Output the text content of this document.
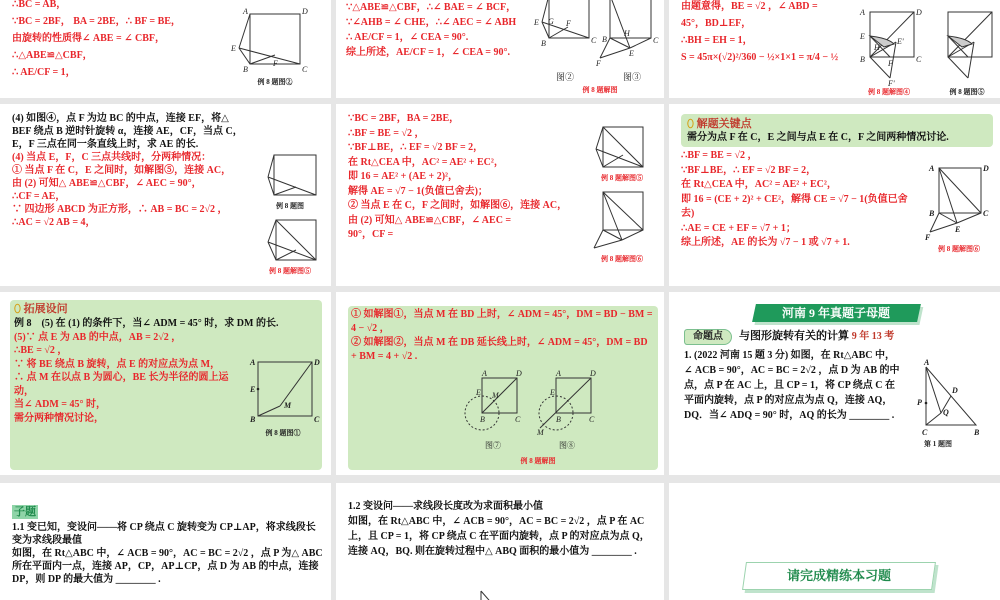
∴BC = AB，
∵BC = 2BF， BA = 2BE，∴ BF = BE，
由旋转的性质得∠ ABE = ∠ CBF，
∴△ABE≌△CBF，
∴ AE/CF = 1，
A	D
E
F
B	C
例 8 题图②
∵△ABE≌△CBF，∴∠ BAE = ∠ BCF，
∵∠AHB = ∠ CHE，∴∠ AEC = ∠ ABH
∴ AE/CF = 1，∠ CEA = 90°.
综上所述，AE/CF = 1，∠ CEA = 90°.
E G F
B	C
H
B	C
E
F
图②	图③
例 8 题解图
由题意得，BE = √2 ，∠ ABD =
45°，BD⊥EF，
∴BH = EH = 1，
S = 45π×(√2)²/360 − ½×1×1 = π/4 − ½
A	D
E
H
E'
B	F	C
F'
例 8 题解图④	例 8 题图⑤
例 8 题图
例 8 题解图⑤
(4) 如图④，点 F 为边 BC 的中点，连接 EF，将△ BEF 绕点 B 逆时针旋转 α，连接 AE，CF，当点 C，E，F 三点在同一条直线上时，求 AE 的长.
(4) 当点 E，F，C 三点共线时，分两种情况：
① 当点 F 在 C，E 之间时，如解图⑤，连接 AC，
由 (2) 可知△ ABE≌△CBF，∠ AEC = 90°，
∴CF = AE，
∵ 四边形 ABCD 为正方形，∴ AB = BC = 2√2 ，
∴AC = √2 AB = 4，
例 8 题解图⑤
例 8 题解图⑥
∵BC = 2BF，BA = 2BE，
∴BF = BE = √2 ，
∵BF⊥BE，∴ EF = √2 BF = 2，
在 Rt△CEA 中，AC² = AE² + EC²，
即 16 = AE² + (AE + 2)²，
解得 AE = √7 − 1(负值已舍去)；
② 当点 E 在 C，F 之间时，如解图⑥，连接 AC，
由 (2) 可知△ ABE≌△CBF，∠ AEC =
90°，CF =
⬯ 解题关键点
需分为点 F 在 C，E 之间与点 E 在 C，F 之间两种情况讨论.
A	D
B	C
E
F
例 8 题解图⑥
∴BF = BE = √2 ，
∵BF⊥BE，∴ EF = √2 BF = 2，
在 Rt△CEA 中，AC² = AE² + EC²，
即 16 = (CE + 2)² + CE²，解得 CE = √7 − 1(负值已舍去)
∴AE = CE + EF = √7 + 1；
综上所述，AE 的长为 √7 − 1 或 √7 + 1.
⬯ 拓展设问
例 8　(5) 在 (1) 的条件下，当∠ ADM = 45° 时，求 DM 的长.
A	D
E
M
B	C
例 8 题图①
(5)∵ 点 E 为 AB 的中点，AB = 2√2 ，
∴BE = √2 ，
∵ 将 BE 绕点 B 旋转，点 E 的对应点为点 M，
∴ 点 M 在以点 B 为圆心，BE 长为半径的圆上运动，
当∠ ADM = 45° 时，
需分两种情况讨论，
① 如解图①，当点 M 在 BD 上时，∠ ADM = 45°，DM = BD − BM = 4 − √2 ，
② 如解图②，当点 M 在 DB 延长线上时，∠ ADM = 45°，DM = BD + BM = 4 + √2 .
A	D
E M
B	C
A	D
E
B	C
M
图⑦	图⑧
例 8 题解图
河南 9 年真题子母题
命题点	与图形旋转有关的计算 9 年 13 考
A
D
P
Q
C	B
第 1 题图
1. (2022 河南 15 题 3 分) 如图，在 Rt△ABC 中，∠ ACB = 90°，AC = BC = 2√2 ，点 D 为 AB 的中点，点 P 在 AC 上，且 CP = 1，将 CP 绕点 C 在平面内旋转，点 P 的对应点为点 Q，连接 AQ，DQ．当∠ ADQ = 90° 时，AQ 的长为 ________ .
子题
1.1 变已知，变设问——将 CP 绕点 C 旋转变为 CP⊥AP，将求线段长变为求线段最值
如图，在 Rt△ABC 中，∠ ACB = 90°，AC = BC = 2√2 ，点 P 为△ ABC 所在平面内一点，连接 AP，CP，AP⊥CP，点 D 为 AB 的中点，连接 DP，则 DP 的最大值为 ________ .
1.2 变设问——求线段长度改为求面积最小值
如图，在 Rt△ABC 中，∠ ACB = 90°，AC = BC = 2√2 ，点 P 在 AC 上，且 CP = 1，将 CP 绕点 C 在平面内旋转，点 P 的对应点为点 Q，连接 AQ，BQ. 则在旋转过程中△ ABQ 面积的最小值为 ________ .
请完成精练本习题
